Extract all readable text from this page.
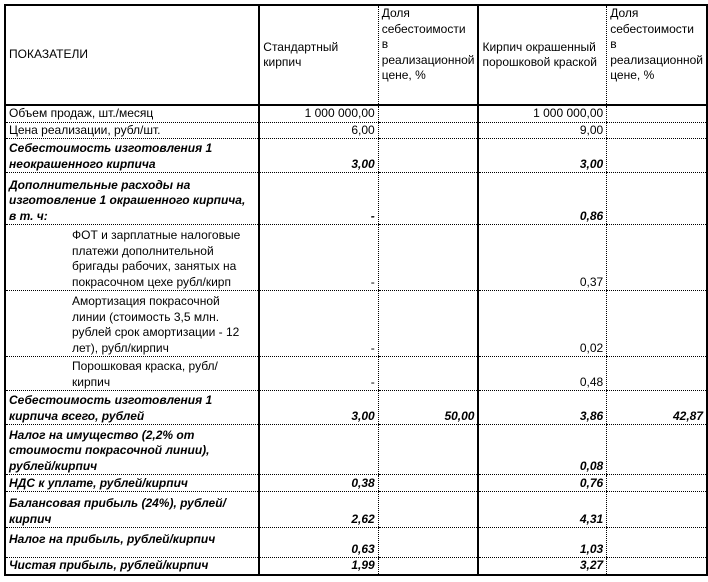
ПОКАЗАТЕЛИ	Стандартный кирпич	Доля себестоимости в реализационной цене, %	Кирпич окрашенный порошковой краской	Доля себестоимости в реализационной цене, %
Объем продаж, шт./месяц	1 000 000,00		1 000 000,00	
Цена реализации, рубл/шт.	6,00		9,00	
Себестоимость изготовления 1 неокрашенного кирпича	3,00		3,00	
Дополнительные расходы на изготовление 1 окрашенного кирпича, в т. ч:	-		0,86	
ФОТ и зарплатные налоговые платежи дополнительной бригады рабочих, занятых на покрасочном цехе рубл/кирп	-		0,37	
Амортизация покрасочной линии (стоимость 3,5 млн. рублей срок амортизации - 12 лет), рубл/кирпич	-		0,02	
Порошковая краска, рубл/ кирпич	-		0,48	
Себестоимость изготовления 1 кирпича всего, рублей	3,00	50,00	3,86	42,87
Налог на имущество (2,2% от стоимости покрасочной линии), рублей/кирпич			0,08	
НДС к уплате, рублей/кирпич	0,38		0,76	
Балансовая прибыль (24%), рублей/кирпич	2,62		4,31	
Налог на прибыль, рублей/кирпич	0,63		1,03	
Чистая прибыль, рублей/кирпич	1,99		3,27	
